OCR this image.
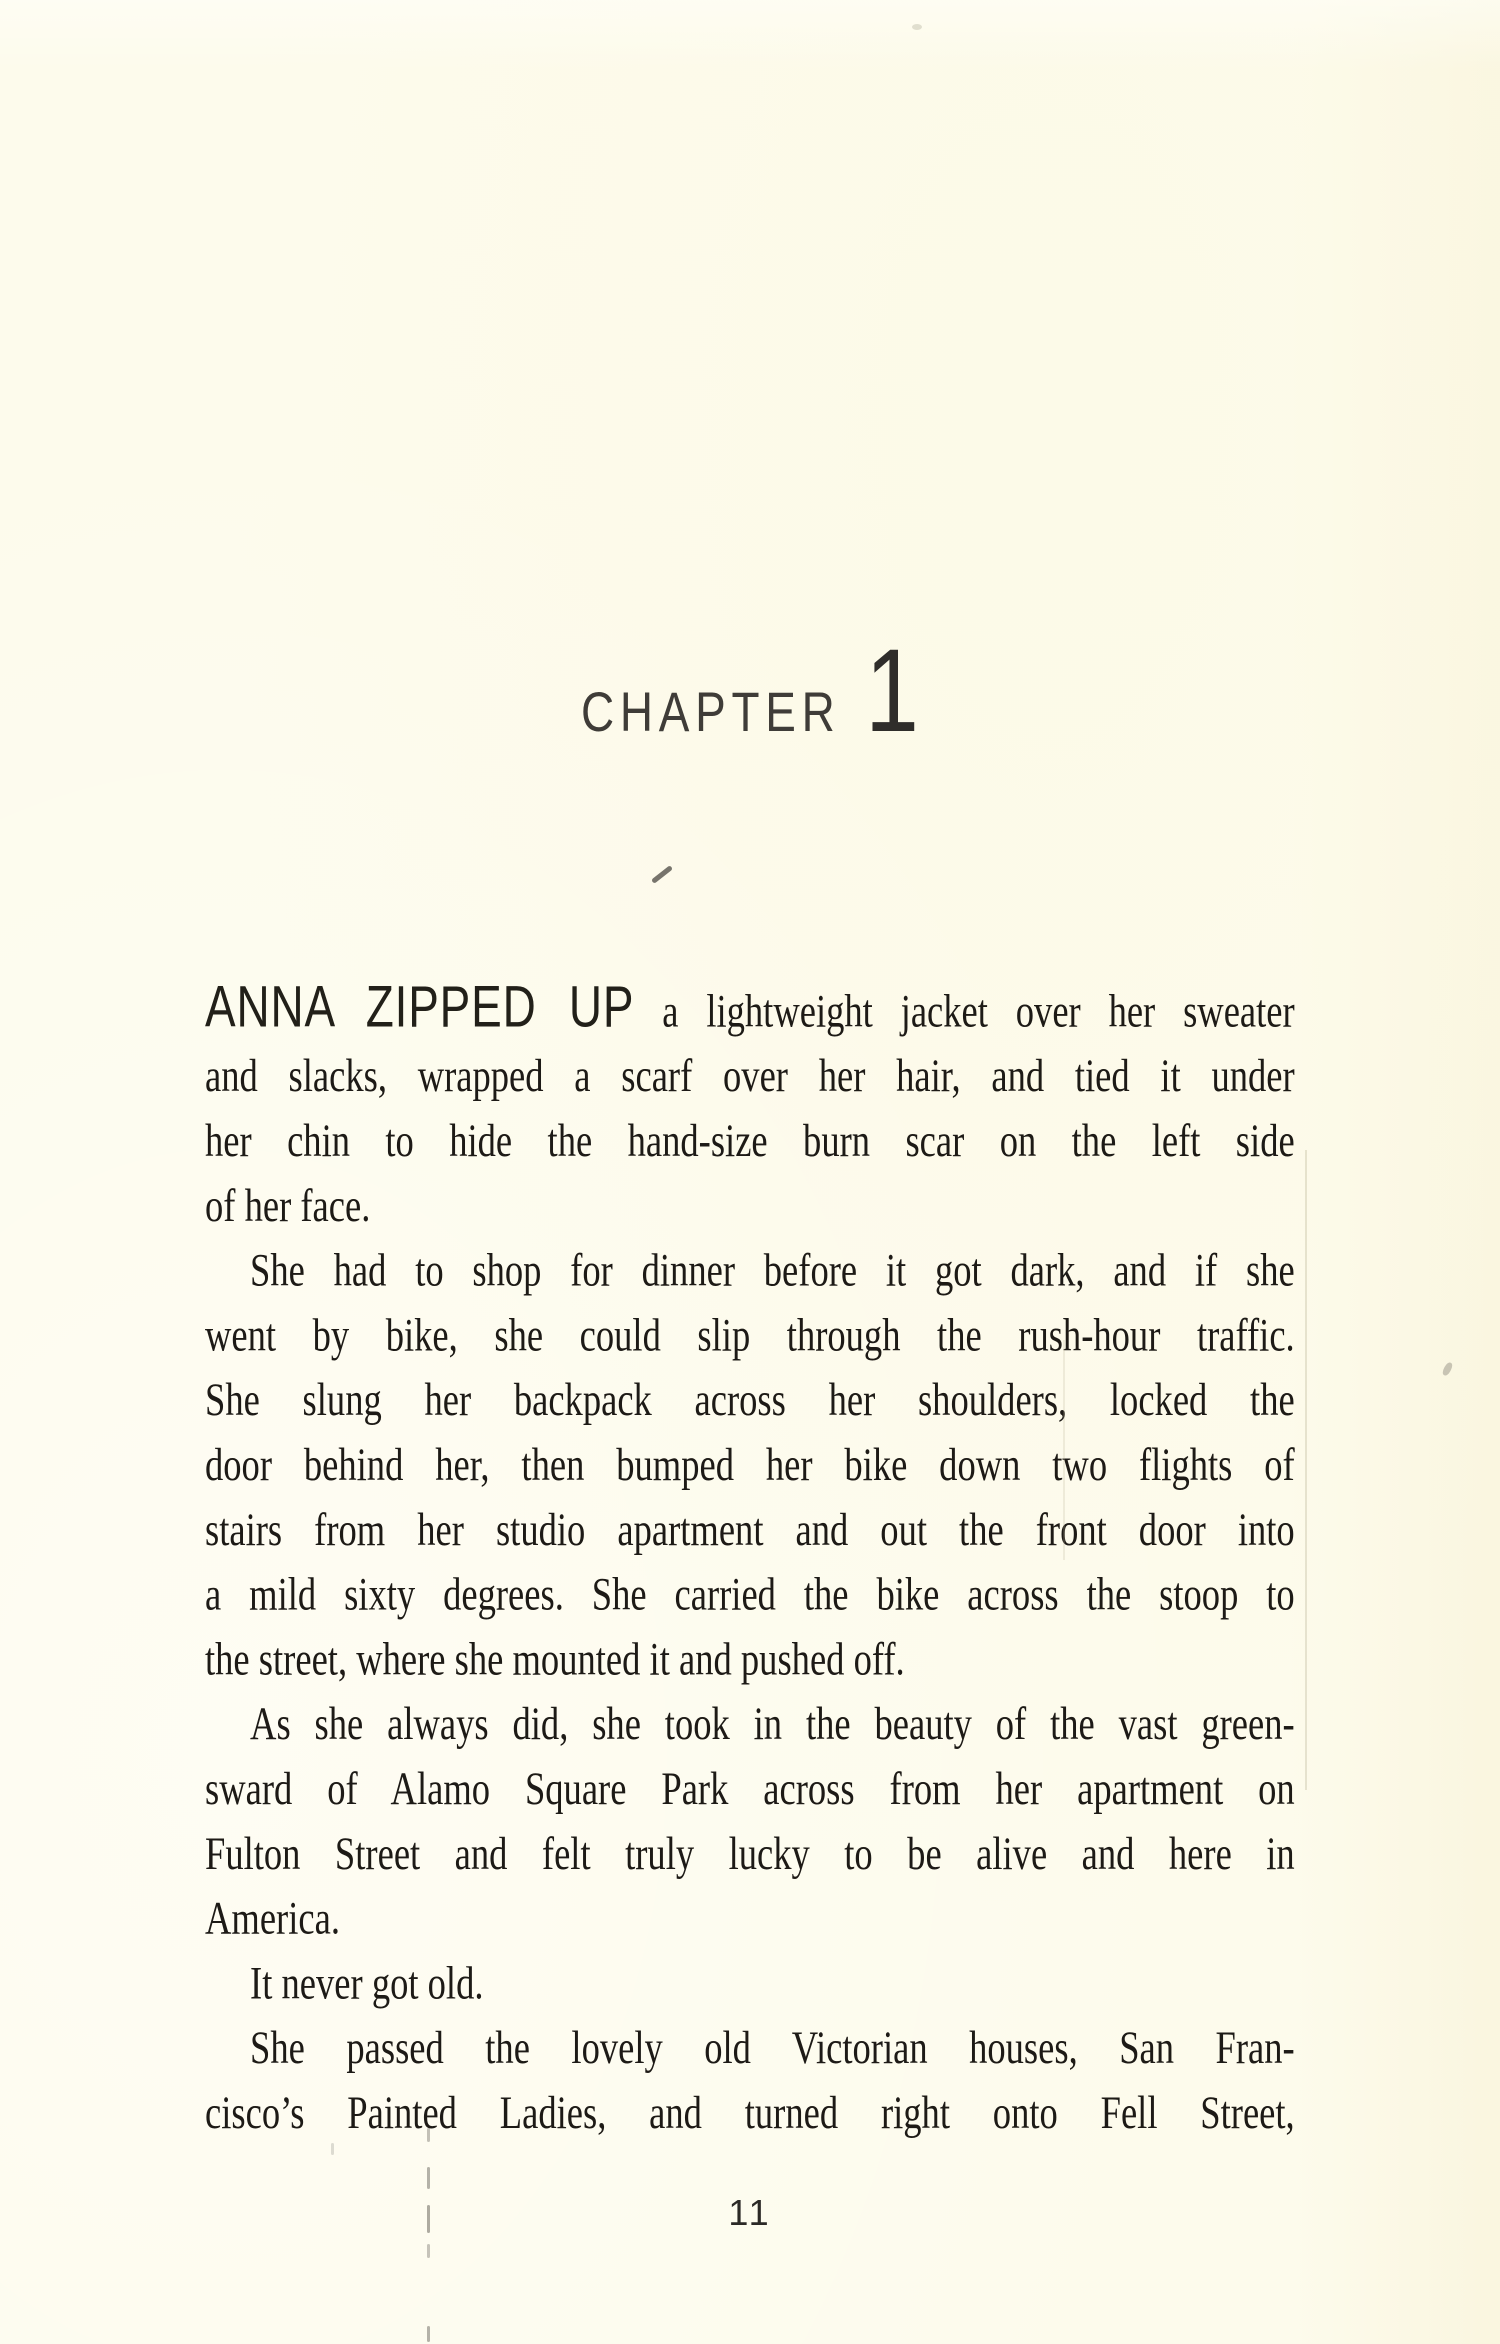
CHAPTER 1
ANNA ZIPPED UP a lightweight jacket over her sweater
and slacks, wrapped a scarf over her hair, and tied it under
her chin to hide the hand-size burn scar on the left side
of her face.
She had to shop for dinner before it got dark, and if she
went by bike, she could slip through the rush-hour traffic.
She slung her backpack across her shoulders, locked the
door behind her, then bumped her bike down two flights of
stairs from her studio apartment and out the front door into
a mild sixty degrees. She carried the bike across the stoop to
the street, where she mounted it and pushed off.
As she always did, she took in the beauty of the vast green-
sward of Alamo Square Park across from her apartment on
Fulton Street and felt truly lucky to be alive and here in
America.
It never got old.
She passed the lovely old Victorian houses, San Fran-
cisco’s Painted Ladies, and turned right onto Fell Street,
11
